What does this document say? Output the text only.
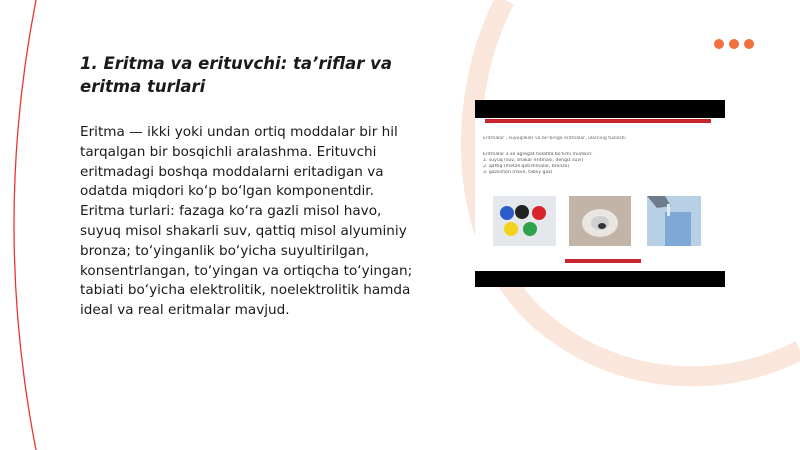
1. Eritma va erituvchi: ta’riflar va eritma turlari

Eritma — ikki yoki undan ortiq moddalar bir hil tarqalgan bir bosqichli aralashma. Erituvchi eritmadagi boshqa moddalarni eritadigan va odatda miqdori ko‘p bo‘lgan komponentdir. Eritma turlari: fazaga ko‘ra gazli misol havo, suyuq misol shakarli suv, qattiq misol alyuminiy bronza; to‘yinganlik bo‘yicha suyultirilgan, konsentrlangan, to‘yingan va ortiqcha to‘yingan; tabiati bo‘yicha elektrolitik, noelektrolitik hamda ideal va real eritmalar mavjud.

Eritmalar , suyuqliklar va bir-biriga eritmalar, ularning tuzilishi
Eritmalar 3 xil agregat holatda bo'lishi mumkin:
1. suyuq (suv, shakar eritmasi, dengiz suvi)
2. qattiq (metall qotishmalar, bronza)
3. gazsimon (havo, tabiiy gaz)
